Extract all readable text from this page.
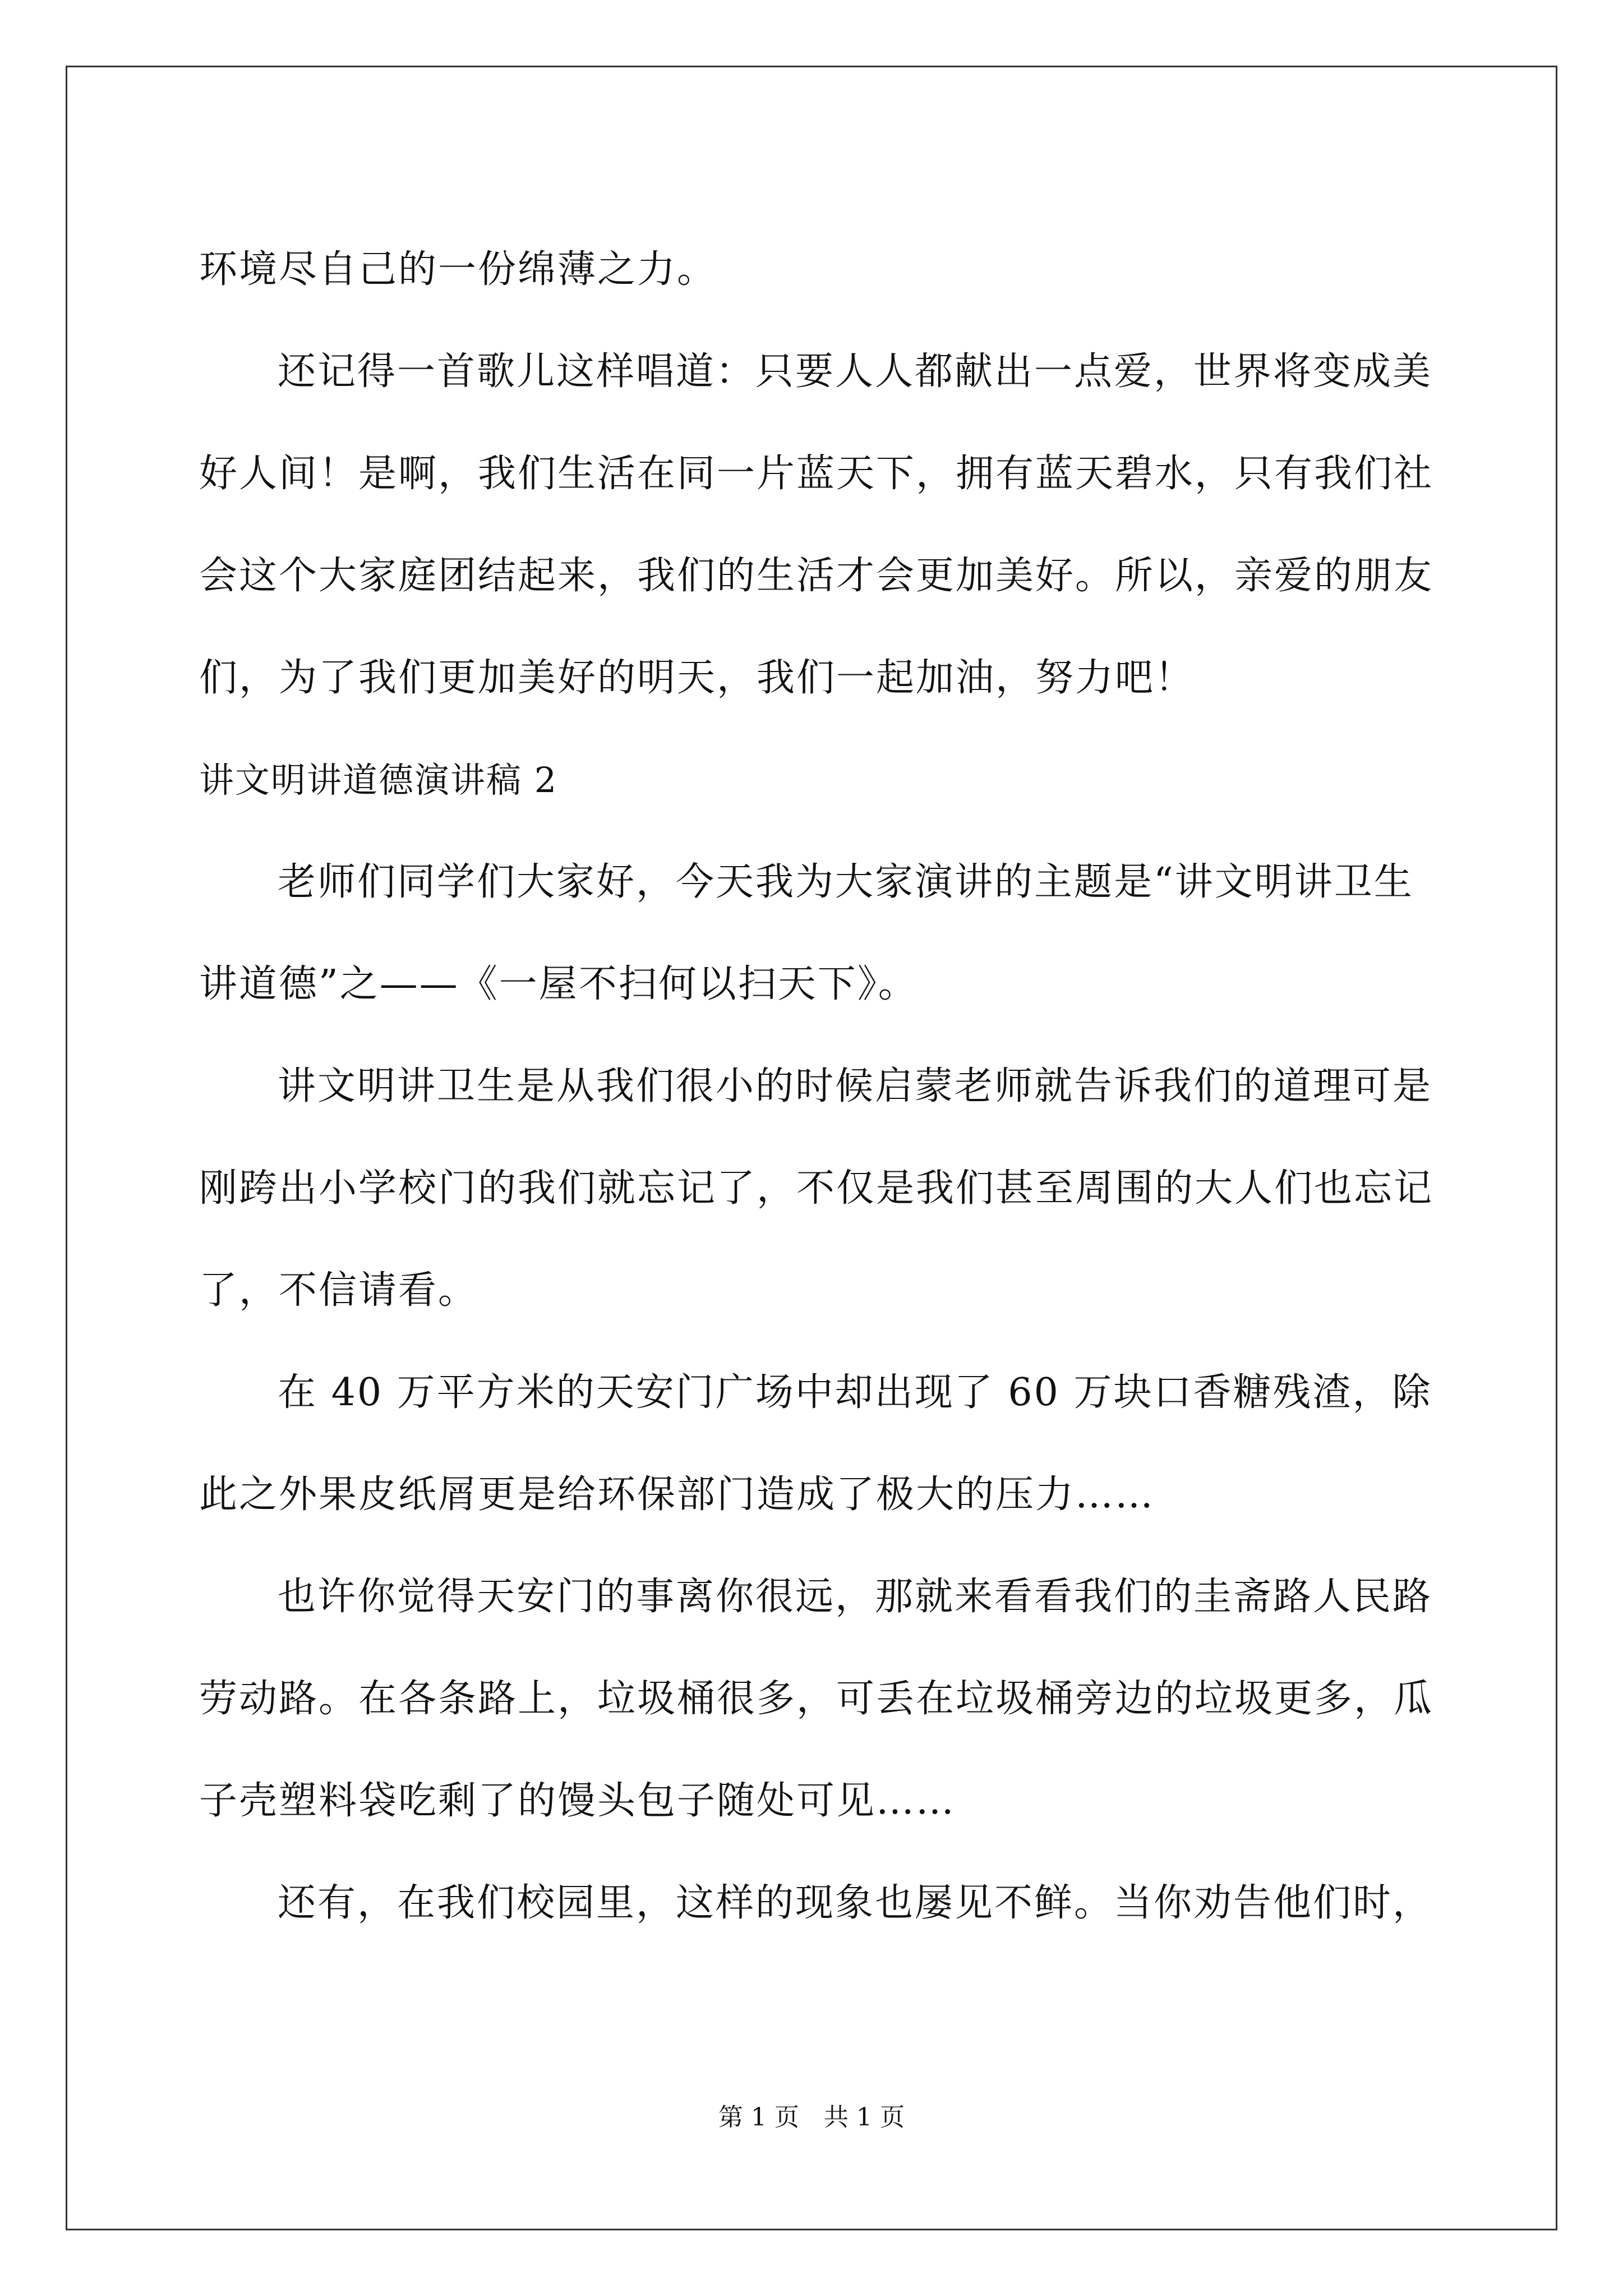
环境尽自己的一份绵薄之力。

还记得一首歌儿这样唱道：只要人人都献出一点爱，世界将变成美好人间！是啊，我们生活在同一片蓝天下，拥有蓝天碧水，只有我们社会这个大家庭团结起来，我们的生活才会更加美好。所以，亲爱的朋友们，为了我们更加美好的明天，我们一起加油，努力吧！

讲文明讲道德演讲稿 2

老师们同学们大家好，今天我为大家演讲的主题是“讲文明讲卫生讲道德”之——《一屋不扫何以扫天下》。

讲文明讲卫生是从我们很小的时候启蒙老师就告诉我们的道理可是刚跨出小学校门的我们就忘记了，不仅是我们甚至周围的大人们也忘记了，不信请看。

在 40 万平方米的天安门广场中却出现了 60 万块口香糖残渣，除此之外果皮纸屑更是给环保部门造成了极大的压力……

也许你觉得天安门的事离你很远，那就来看看我们的圭斋路人民路劳动路。在各条路上，垃圾桶很多，可丢在垃圾桶旁边的垃圾更多，瓜子壳塑料袋吃剩了的馒头包子随处可见……

还有，在我们校园里，这样的现象也屡见不鲜。当你劝告他们时，

第 1 页　共 1 页
